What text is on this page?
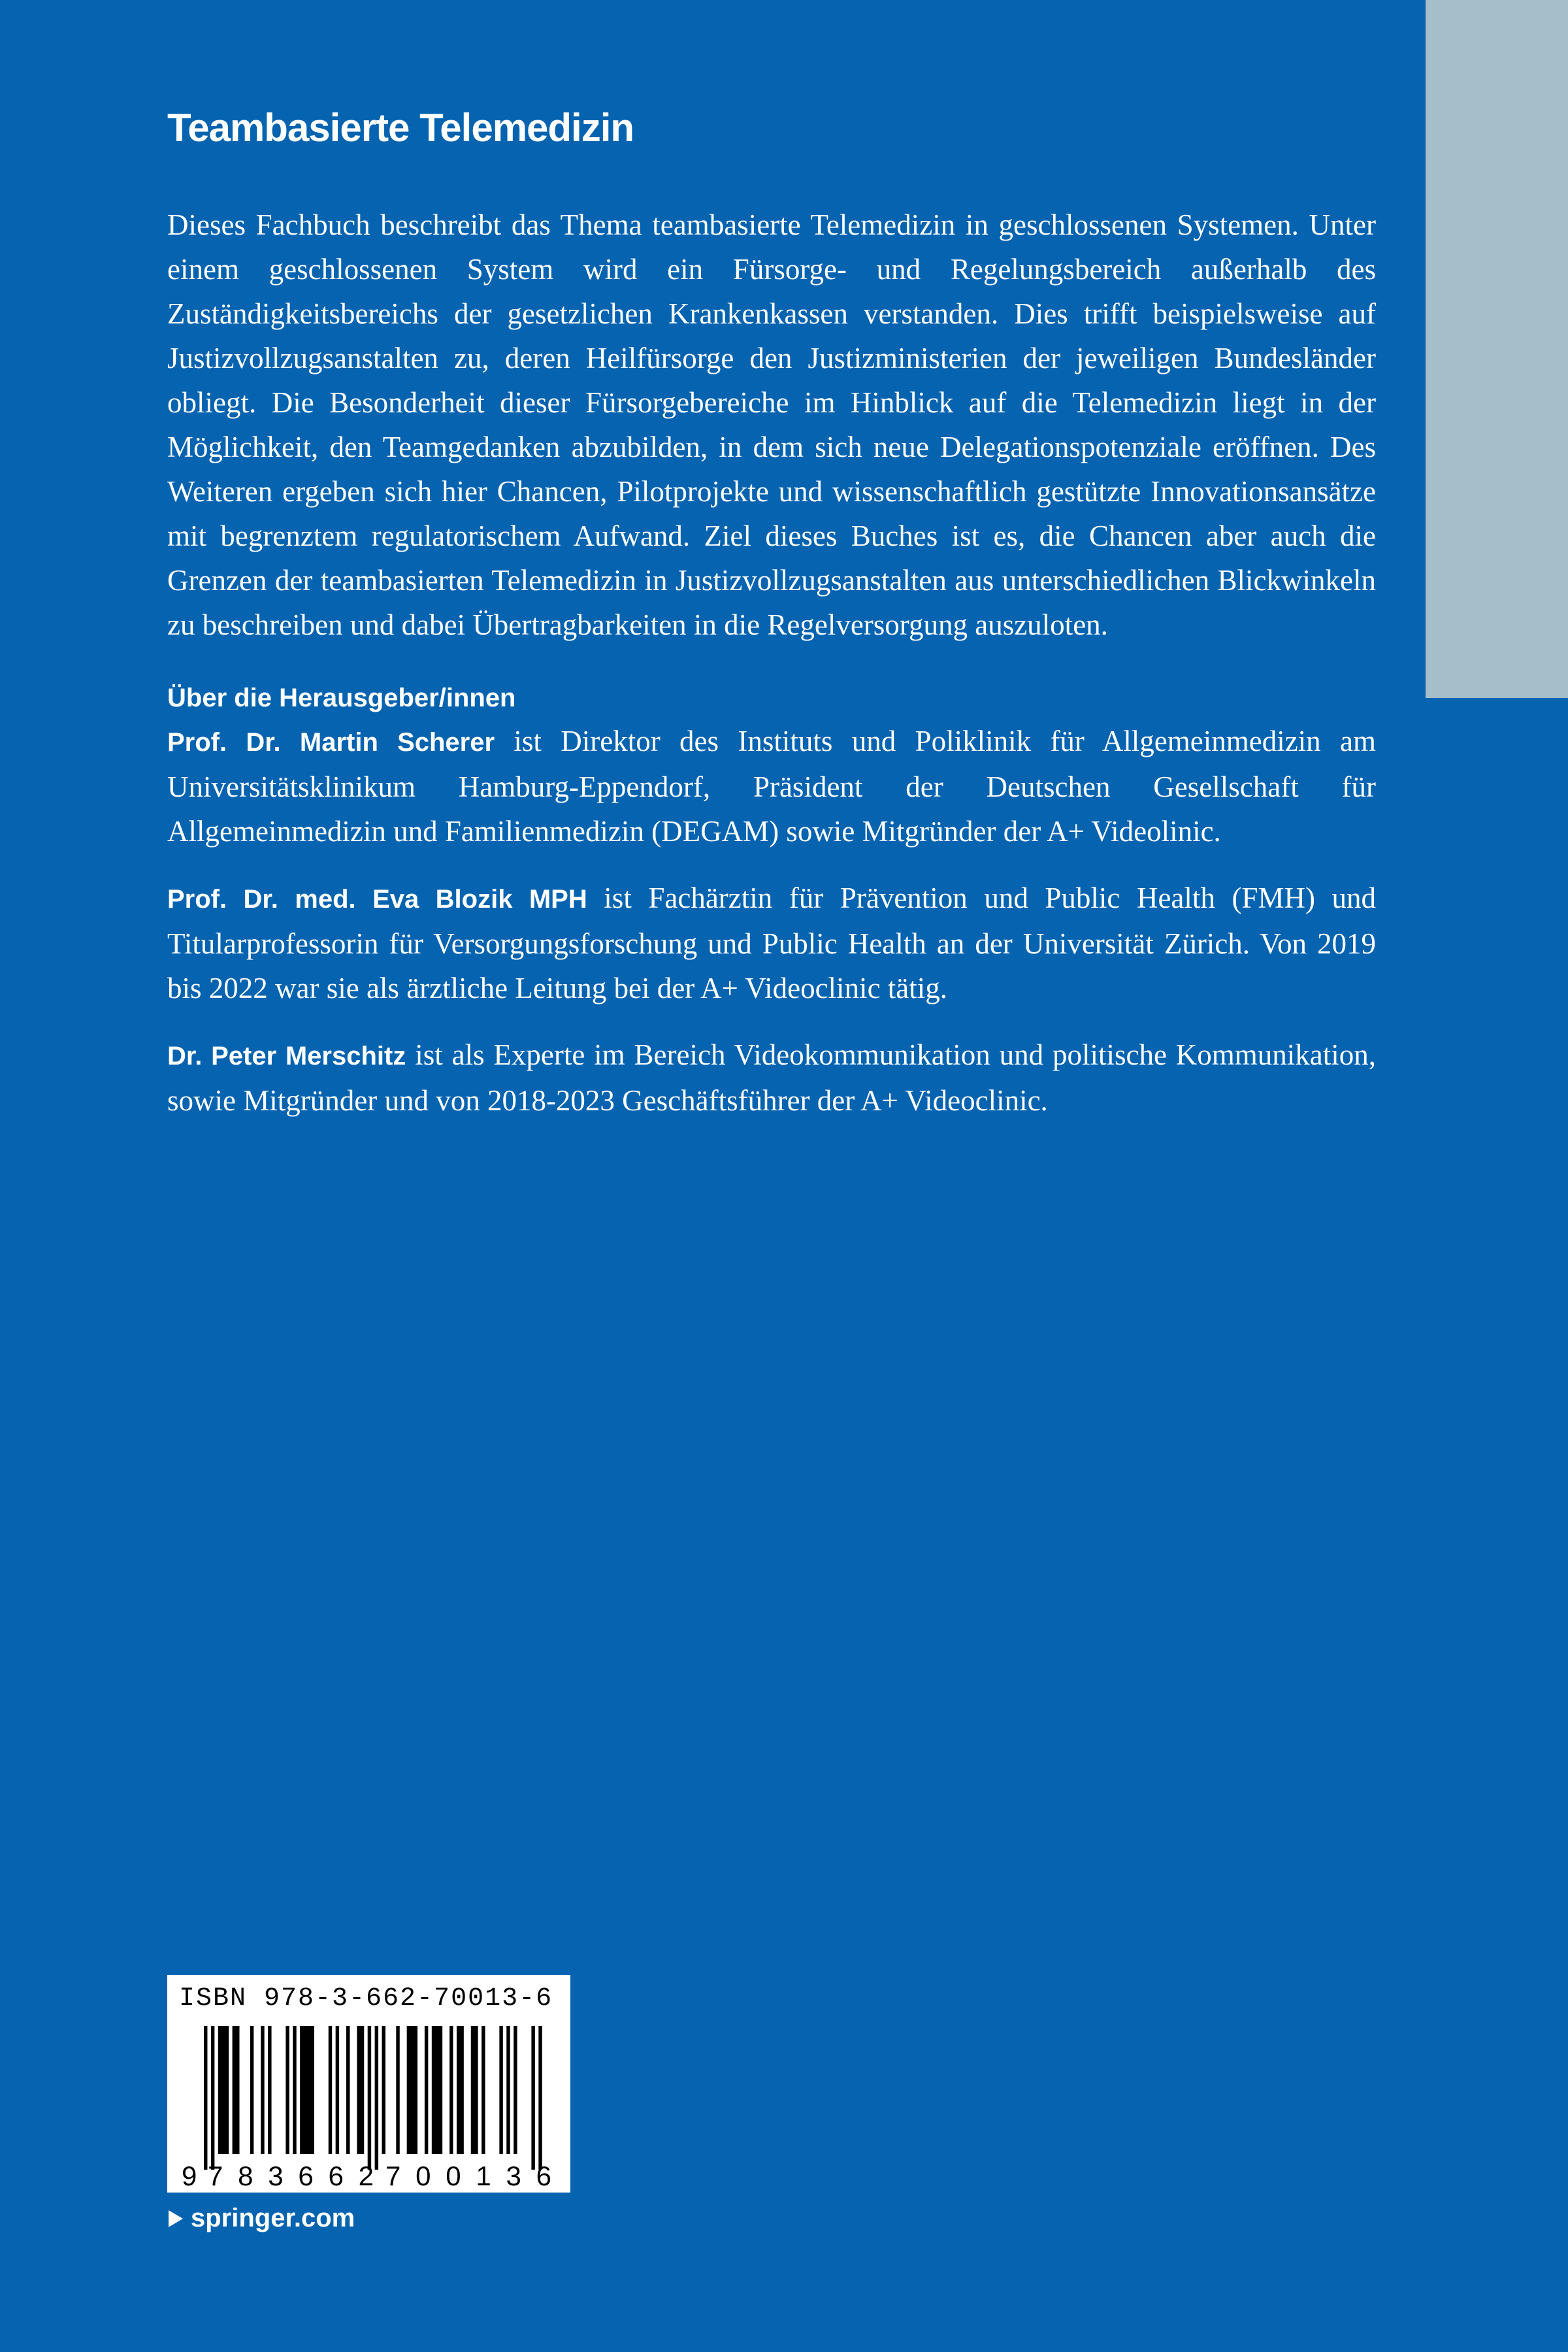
Teambasierte Telemedizin

Dieses Fachbuch beschreibt das Thema teambasierte Telemedizin in geschlossenen Systemen. Unter einem geschlossenen System wird ein Fürsorge- und Regelungsbereich außerhalb des Zuständigkeitsbereichs der gesetzlichen Krankenkassen verstanden. Dies trifft beispielsweise auf Justizvollzugsanstalten zu, deren Heilfürsorge den Justizministerien der jeweiligen Bundesländer obliegt. Die Besonderheit dieser Fürsorgebereiche im Hinblick auf die Telemedizin liegt in der Möglichkeit, den Teamgedanken abzubilden, in dem sich neue Delegationspotenziale eröffnen. Des Weiteren ergeben sich hier Chancen, Pilotprojekte und wissenschaftlich gestützte Innovationsansätze mit begrenztem regulatorischem Aufwand. Ziel dieses Buches ist es, die Chancen aber auch die Grenzen der teambasierten Telemedizin in Justizvollzugsanstalten aus unterschiedlichen Blickwinkeln zu beschreiben und dabei Übertragbarkeiten in die Regelversorgung auszuloten.

Über die Herausgeber/innen

Prof. Dr. Martin Scherer ist Direktor des Instituts und Poliklinik für Allgemeinmedizin am Universitätsklinikum Hamburg-Eppendorf, Präsident der Deutschen Gesellschaft für Allgemeinmedizin und Familienmedizin (DEGAM) sowie Mitgründer der A+ Videolinic.

Prof. Dr. med. Eva Blozik MPH ist Fachärztin für Prävention und Public Health (FMH) und Titularprofessorin für Versorgungsforschung und Public Health an der Universität Zürich. Von 2019 bis 2022 war sie als ärztliche Leitung bei der A+ Videoclinic tätig.

Dr. Peter Merschitz ist als Experte im Bereich Videokommunikation und politische Kommunikation, sowie Mitgründer und von 2018-2023 Geschäftsführer der A+ Videoclinic.

ISBN 978-3-662-70013-6
9 783662 700136
springer.com
